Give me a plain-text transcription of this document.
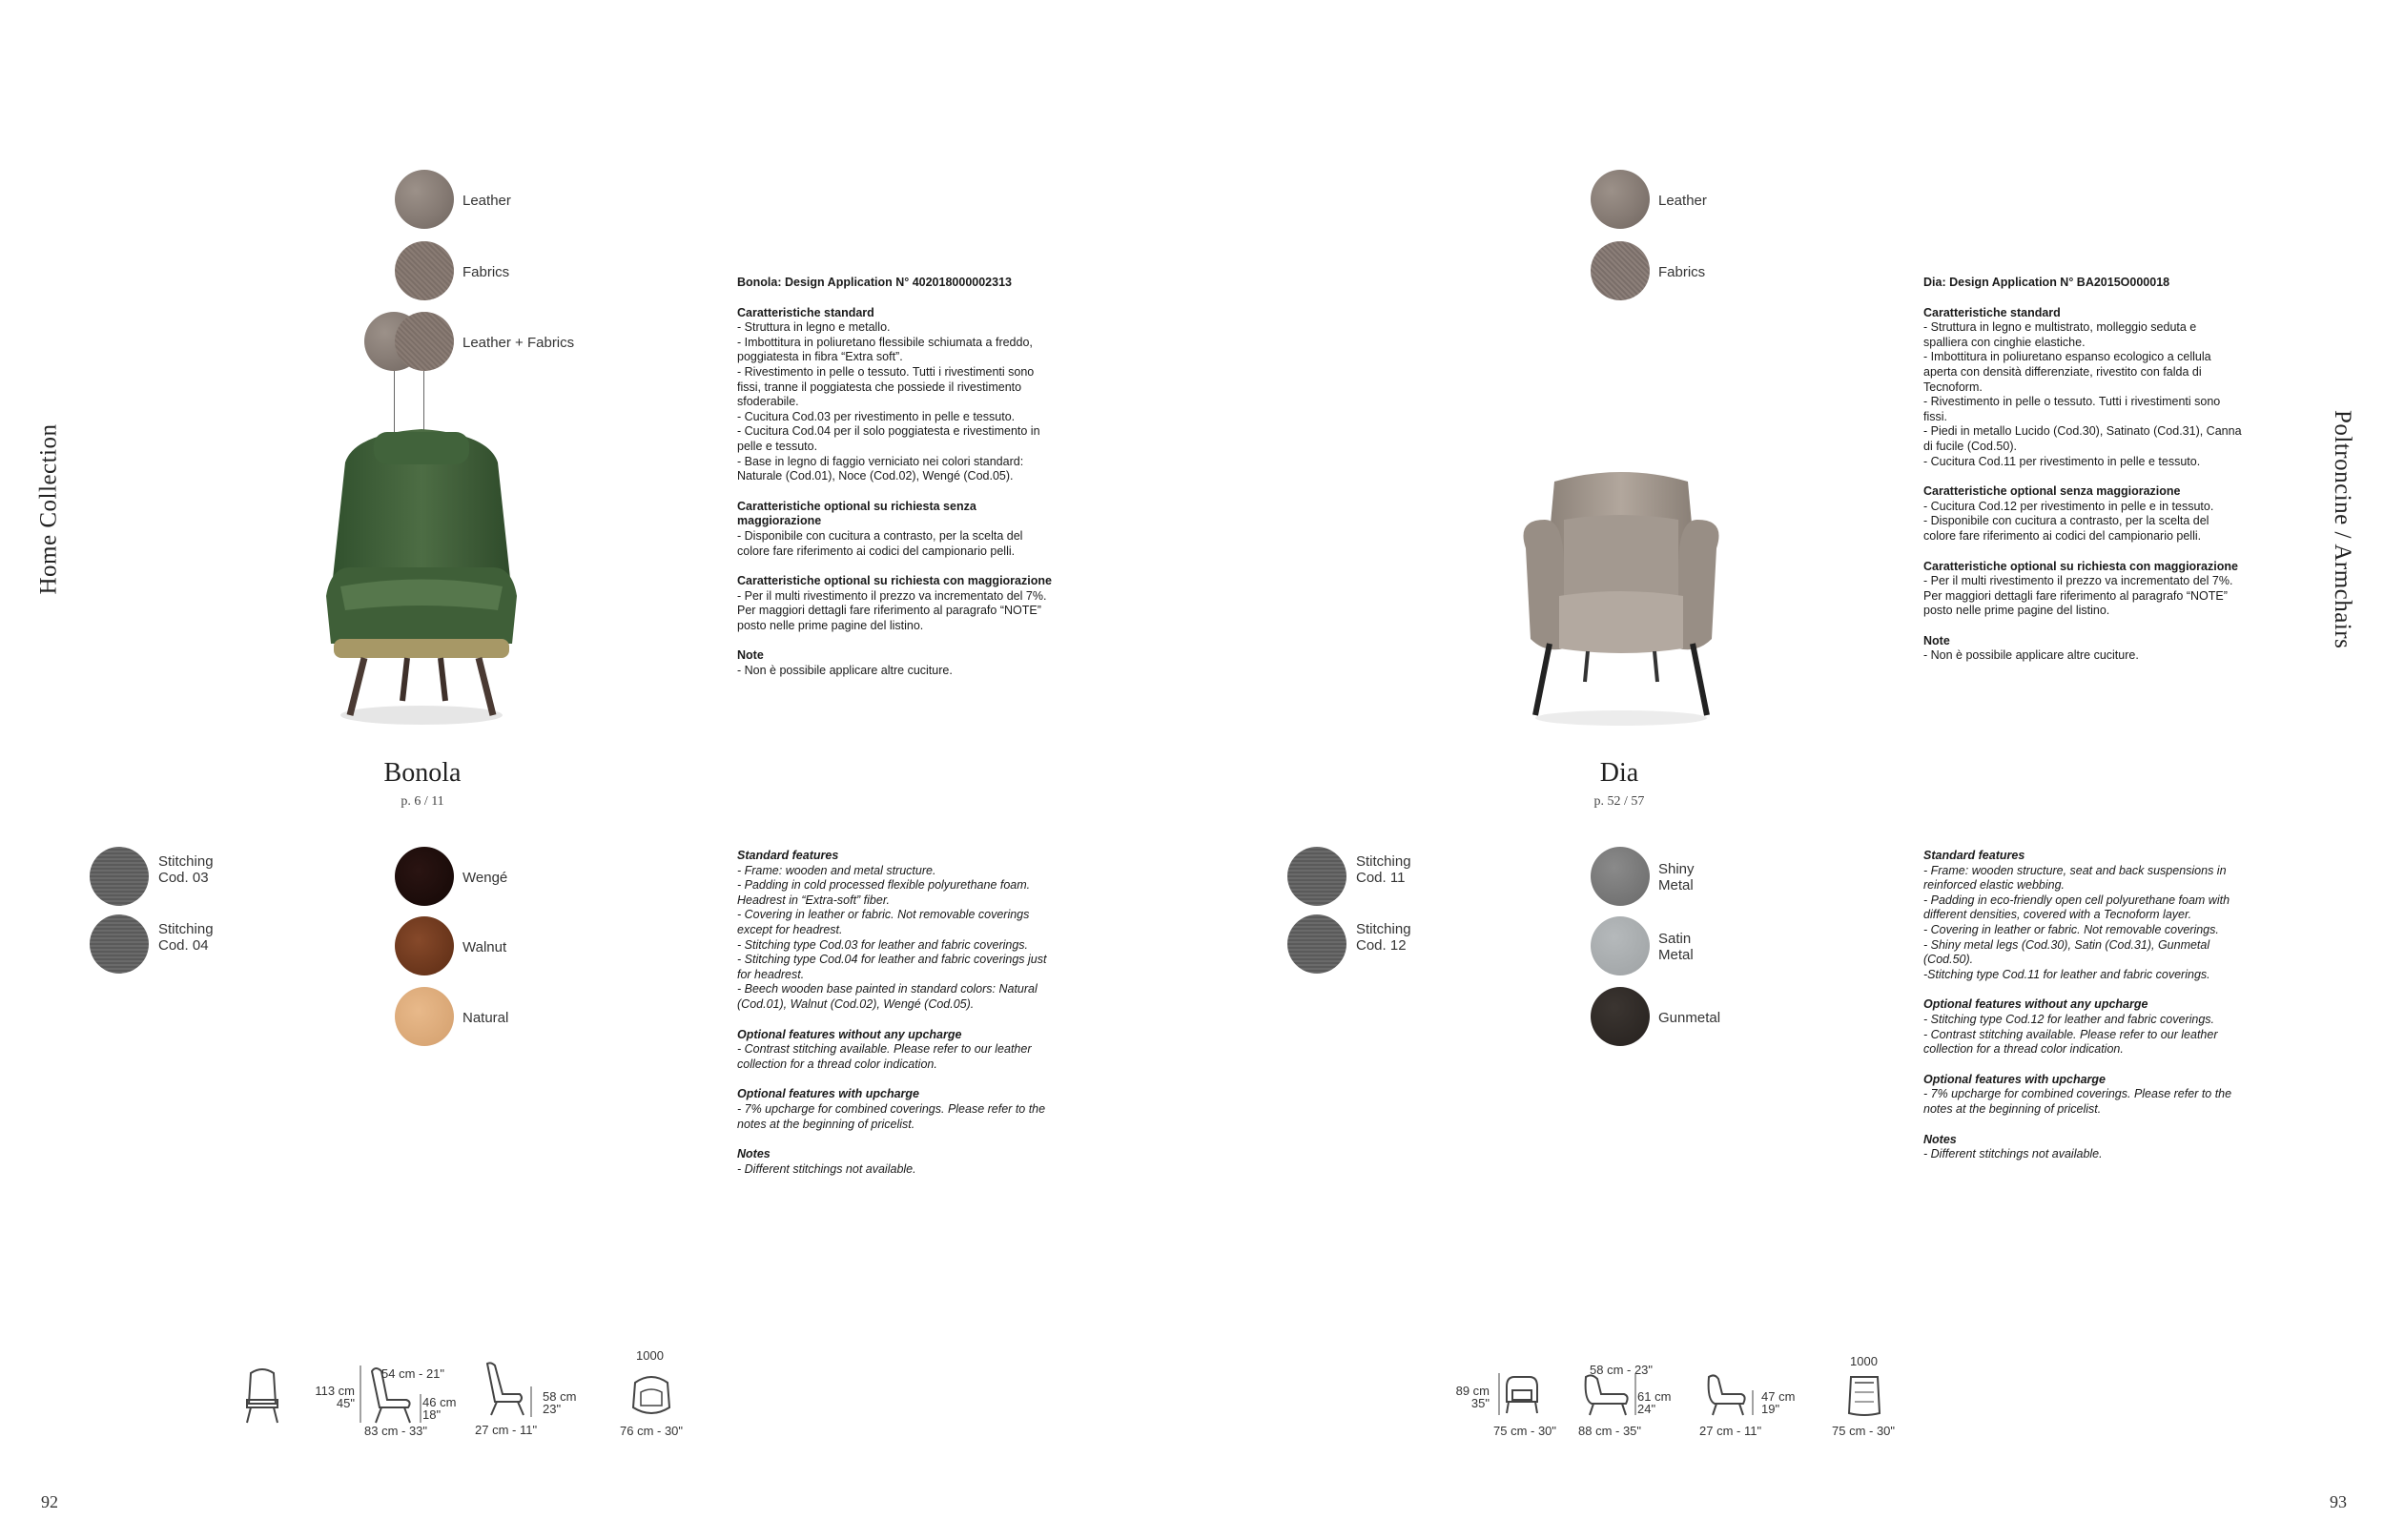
Home Collection	Poltroncine / Armchairs
Leather
Fabrics
Leather + Fabrics
Bonola
p. 6 / 11
Stitching
Cod. 03
Stitching
Cod. 04
Wengé
Walnut
Natural

Bonola: Design Application N° 402018000002313

Caratteristiche standard

- Struttura in legno e metallo.
- Imbottitura in poliuretano flessibile schiumata a freddo, poggiatesta in fibra “Extra soft”.
- Rivestimento in pelle o tessuto. Tutti i rivestimenti sono fissi, tranne il poggiatesta che possiede il rivestimento sfoderabile.
- Cucitura Cod.03 per rivestimento in pelle e tessuto.
- Cucitura Cod.04 per il solo poggiatesta e rivestimento in pelle e tessuto.
- Base in legno di faggio verniciato nei colori standard: Naturale (Cod.01), Noce (Cod.02), Wengé (Cod.05).

Caratteristiche optional su richiesta senza maggiorazione

- Disponibile con cucitura a contrasto, per la scelta del colore fare riferimento ai codici del campionario pelli.

Caratteristiche optional su richiesta con maggiorazione

- Per il multi rivestimento il prezzo va incrementato del 7%. Per maggiori dettagli fare riferimento al paragrafo “NOTE” posto nelle prime pagine del listino.

Note

- Non è possibile applicare altre cuciture.

Standard features

- Frame: wooden and metal structure.
- Padding in cold processed flexible polyurethane foam. Headrest in “Extra-soft” fiber.
- Covering in leather or fabric. Not removable coverings except for headrest.
- Stitching type Cod.03 for leather and fabric coverings.
- Stitching type Cod.04 for leather and fabric coverings just for headrest.
- Beech wooden base painted in standard colors: Natural (Cod.01), Walnut (Cod.02), Wengé (Cod.05).

Optional features without any upcharge

- Contrast stitching available. Please refer to our leather collection for a thread color indication.

Optional features with upcharge

- 7% upcharge for combined coverings. Please refer to the notes at the beginning of pricelist.

Notes

- Different stitchings not available.

113 cm
45"
54 cm - 21"
46 cm
18"
83 cm - 33"
58 cm
23"
27 cm - 11"
1000
76 cm - 30"
92
Leather
Fabrics
Dia
p. 52 / 57
Stitching
Cod. 11
Stitching
Cod. 12
Shiny
Metal
Satin
Metal
Gunmetal

Dia: Design Application N° BA2015O000018

Caratteristiche standard

- Struttura in legno e multistrato, molleggio seduta e spalliera con cinghie elastiche.
- Imbottitura in poliuretano espanso ecologico a cellula aperta con densità differenziate, rivestito con falda di Tecnoform.
- Rivestimento in pelle o tessuto. Tutti i rivestimenti sono fissi.
- Piedi in metallo Lucido (Cod.30), Satinato (Cod.31), Canna di fucile (Cod.50).
- Cucitura Cod.11 per rivestimento in pelle e tessuto.

Caratteristiche optional senza maggiorazione

- Cucitura Cod.12 per rivestimento in pelle e in tessuto.
- Disponibile con cucitura a contrasto, per la scelta del colore fare riferimento ai codici del campionario pelli.

Caratteristiche optional su richiesta con maggiorazione

- Per il multi rivestimento il prezzo va incrementato del 7%. Per maggiori dettagli fare riferimento al paragrafo “NOTE” posto nelle prime pagine del listino.

Note

- Non è possibile applicare altre cuciture.

Standard features

- Frame: wooden structure, seat and back suspensions in reinforced elastic webbing.
- Padding in eco-friendly open cell polyurethane foam with different densities, covered with a Tecnoform layer.
- Covering in leather or fabric. Not removable coverings.
- Shiny metal legs (Cod.30), Satin (Cod.31), Gunmetal (Cod.50).
-Stitching type Cod.11 for leather and fabric coverings.

Optional features without any upcharge

- Stitching type Cod.12 for leather and fabric coverings.
- Contrast stitching available. Please refer to our leather collection for a thread color indication.

Optional features with upcharge

- 7% upcharge for combined coverings. Please refer to the notes at the beginning of pricelist.

Notes

- Different stitchings not available.

89 cm
35"
75 cm - 30"
58 cm - 23"
61 cm
24"
88 cm - 35"
47 cm
19"
27 cm - 11"
1000
75 cm - 30"
93
